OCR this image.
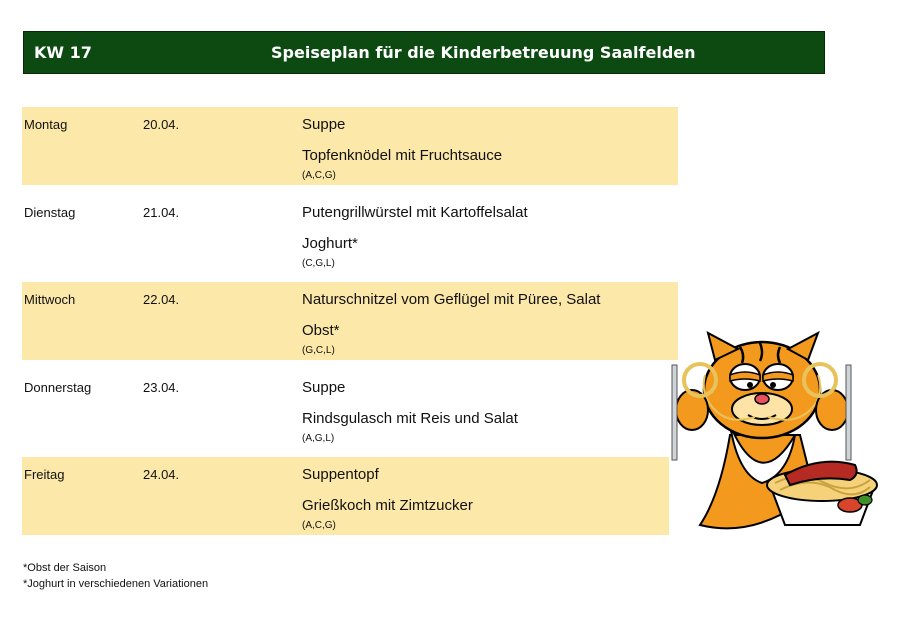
KW 17	Speiseplan für die Kinderbetreuung Saalfelden
Montag	20.04.	Suppe
Topfenknödel mit Fruchtsauce
(A,C,G)
Dienstag	21.04.	Putengrillwürstel mit Kartoffelsalat
Joghurt*
(C,G,L)
Mittwoch	22.04.	Naturschnitzel vom Geflügel mit Püree, Salat
Obst*
(G,C,L)
Donnerstag	23.04.	Suppe
Rindsgulasch mit Reis und Salat
(A,G,L)
Freitag	24.04.	Suppentopf
Grießkoch mit Zimtzucker
(A,C,G)
*Obst der Saison
*Joghurt in verschiedenen Variationen
